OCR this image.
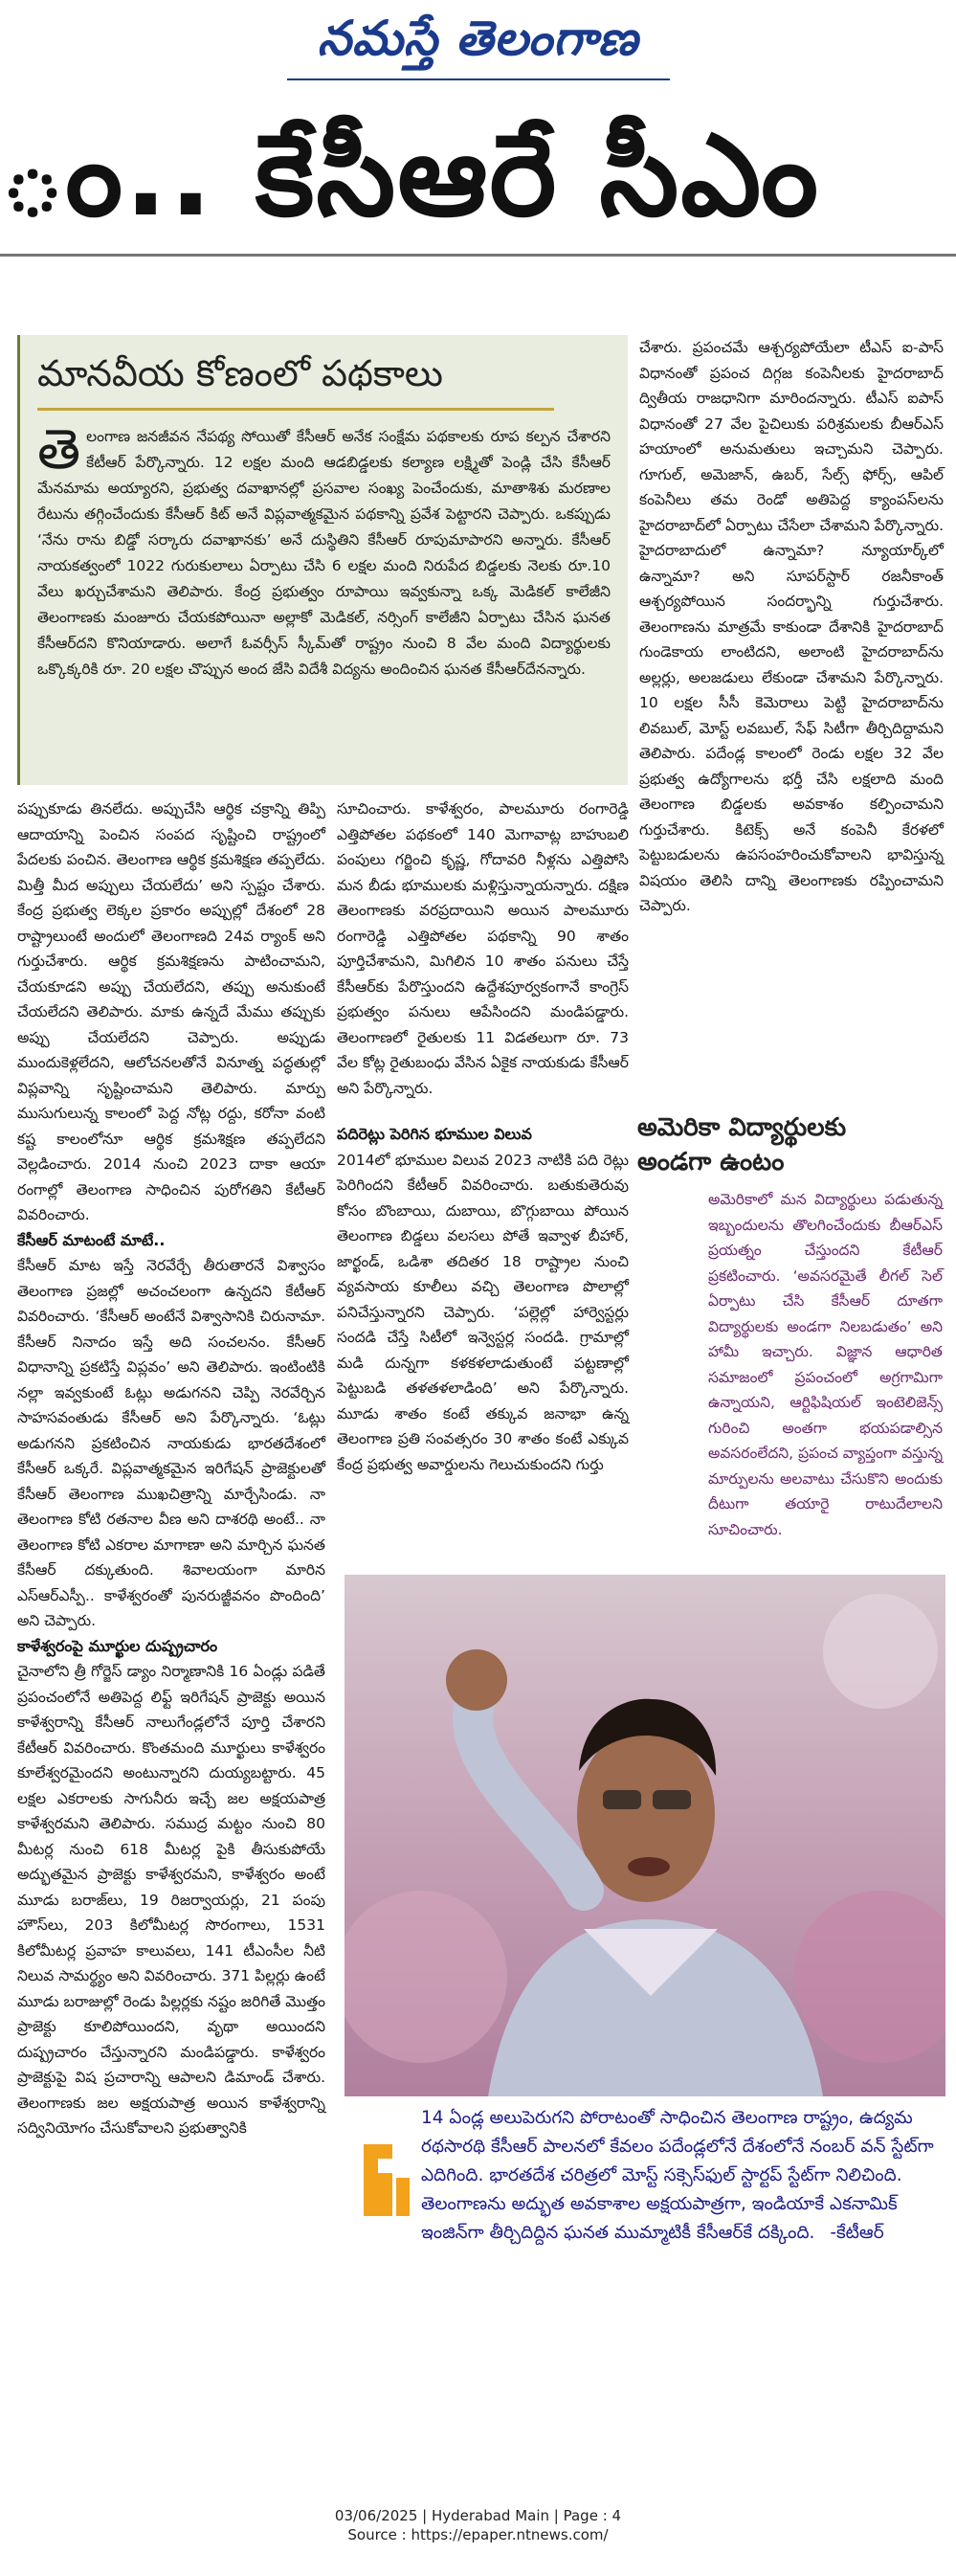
నమస్తే తెలంగాణ
ం.. కేసీఆరే సీఎం
మానవీయ కోణంలో పథకాలు
తెలంగాణ జనజీవన నేపథ్య సోయితో కేసీఆర్ అనేక సంక్షేమ పథకాలకు రూప కల్పన చేశారని కేటీఆర్ పేర్కొన్నారు. 12 లక్షల మంది ఆడబిడ్డలకు కల్యాణ లక్ష్మితో పెండ్లి చేసి కేసీఆర్ మేనమామ అయ్యారని, ప్రభుత్వ దవాఖానల్లో ప్రసవాల సంఖ్య పెంచేందుకు, మాతాశిశు మరణాల రేటును తగ్గించేందుకు కేసీఆర్ కిట్ అనే విప్లవాత్మకమైన పథకాన్ని ప్రవేశ పెట్టారని చెప్పారు. ఒకప్పుడు ‘నేను రాను బిడ్డో సర్కారు దవాఖానకు’ అనే దుస్థితిని కేసీఆర్ రూపుమాపారని అన్నారు. కేసీఆర్ నాయకత్వంలో 1022 గురుకులాలు ఏర్పాటు చేసి 6 లక్షల మంది నిరుపేద బిడ్డలకు నెలకు రూ.10 వేలు ఖర్చుచేశామని తెలిపారు. కేంద్ర ప్రభుత్వం రూపాయి ఇవ్వకున్నా ఒక్క మెడికల్ కాలేజీని తెలంగాణకు మంజూరు చేయకపోయినా అల్లాకో మెడికల్, నర్సింగ్ కాలేజీని ఏర్పాటు చేసిన ఘనత కేసీఆర్‌దని కొనియాడారు. అలాగే ఓవర్సీస్ స్కీమ్‌తో రాష్ట్రం నుంచి 8 వేల మంది విద్యార్థులకు ఒక్కొక్కరికి రూ. 20 లక్షల చొప్పున అంద జేసి విదేశీ విద్యను అందించిన ఘనత కేసీఆర్‌దేనన్నారు.

చేశారు. ప్రపంచమే ఆశ్చర్యపోయేలా టీఎస్ ఐ-పాస్ విధానంతో ప్రపంచ దిగ్గజ కంపెనీలకు హైదరాబాద్ ద్వితీయ రాజధానిగా మారిందన్నారు. టీఎస్ ఐపాస్ విధానంతో 27 వేల పైచిలుకు పరిశ్రమలకు బీఆర్ఎస్ హయాంలో అనుమతులు ఇచ్చామని చెప్పారు. గూగుల్, అమెజాన్, ఉబర్, సేల్స్ ఫోర్స్, ఆపిల్ కంపెనీలు తమ రెండో అతిపెద్ద క్యాంపస్‌లను హైదరాబాద్‌లో ఏర్పాటు చేసేలా చేశామని పేర్కొన్నారు. హైదరాబాదులో ఉన్నామా? న్యూయార్క్‌లో ఉన్నామా? అని సూపర్‌స్టార్ రజనీకాంత్ ఆశ్చర్యపోయిన సందర్భాన్ని గుర్తుచేశారు. తెలంగాణను మాత్రమే కాకుండా దేశానికి హైదరాబాద్ గుండెకాయ లాంటిదని, అలాంటి హైదరాబాద్‌ను అల్లర్లు, అలజడులు లేకుండా చేశామని పేర్కొన్నారు. 10 లక్షల సీసీ కెమెరాలు పెట్టి హైదరాబాద్‌ను లివబుల్, మోస్ట్ లవబుల్, సేఫ్ సిటీగా తీర్చిదిద్దామని తెలిపారు. పదేండ్ల కాలంలో రెండు లక్షల 32 వేల ప్రభుత్వ ఉద్యోగాలను భర్తీ చేసి లక్షలాది మంది తెలంగాణ బిడ్డలకు అవకాశం కల్పించామని గుర్తుచేశారు. కిటెక్స్ అనే కంపెనీ కేరళలో పెట్టుబడులను ఉపసంహరించుకోవాలని భావిస్తున్న విషయం తెలిసి దాన్ని తెలంగాణకు రప్పించామని చెప్పారు.

పప్పుకూడు తినలేదు. అప్పుచేసి ఆర్థిక చక్రాన్ని తిప్పి ఆదాయాన్ని పెంచిన సంపద సృష్టించి రాష్ట్రంలో పేదలకు పంచిన. తెలంగాణ ఆర్థిక క్రమశిక్షణ తప్పలేదు. మిత్తీ మీద అప్పులు చేయలేదు’ అని స్పష్టం చేశారు. కేంద్ర ప్రభుత్వ లెక్కల ప్రకారం అప్పుల్లో దేశంలో 28 రాష్ట్రాలుంటే అందులో తెలంగాణది 24వ ర్యాంక్ అని గుర్తుచేశారు. ఆర్థిక క్రమశిక్షణను పాటించామని, చేయకూడని అప్పు చేయలేదని, తప్పు అనుకుంటే చేయలేదని తెలిపారు. మాకు ఉన్నదే మేము తప్పుకు అప్పు చేయలేదని చెప్పారు. అప్పుడు ముందుకెళ్లలేదని, ఆలోచనలతోనే వినూత్న పద్ధతుల్లో విప్లవాన్ని సృష్టించామని తెలిపారు. మార్పు ముసుగులున్న కాలంలో పెద్ద నోట్ల రద్దు, కరోనా వంటి కష్ట కాలంలోనూ ఆర్థిక క్రమశిక్షణ తప్పలేదని వెల్లడించారు. 2014 నుంచి 2023 దాకా ఆయా రంగాల్లో తెలంగాణ సాధించిన పురోగతిని కేటీఆర్ వివరించారు.

కేసీఆర్ మాటంటే మాటే..

కేసీఆర్ మాట ఇస్తే నెరవేర్చే తీరుతారనే విశ్వాసం తెలంగాణ ప్రజల్లో అచంచలంగా ఉన్నదని కేటీఆర్ వివరించారు. ‘కేసీఆర్ అంటేనే విశ్వాసానికి చిరునామా. కేసీఆర్ నినాదం ఇస్తే అది సంచలనం. కేసీఆర్ విధానాన్ని ప్రకటిస్తే విప్లవం’ అని తెలిపారు. ఇంటింటికి నల్లా ఇవ్వకుంటే ఓట్లు అడుగనని చెప్పి నెరవేర్చిన సాహసవంతుడు కేసీఆర్ అని పేర్కొన్నారు. ‘ఓట్లు అడుగనని ప్రకటించిన నాయకుడు భారతదేశంలో కేసీఆర్ ఒక్కరే. విప్లవాత్మకమైన ఇరిగేషన్ ప్రాజెక్టులతో కేసీఆర్ తెలంగాణ ముఖచిత్రాన్ని మార్చేసిండు. నా తెలంగాణ కోటి రతనాల వీణ అని దాశరథి అంటే.. నా తెలంగాణ కోటి ఎకరాల మాగాణా అని మార్చిన ఘనత కేసీఆర్ దక్కుతుంది. శివాలయంగా మారిన ఎస్ఆర్ఎస్పీ.. కాళేశ్వరంతో పునరుజ్జీవనం పొందింది’ అని చెప్పారు.

కాళేశ్వరంపై మూర్ఖుల దుష్ప్రచారం

చైనాలోని త్రీ గోర్జెస్ డ్యాం నిర్మాణానికి 16 ఏండ్లు పడితే ప్రపంచంలోనే అతిపెద్ద లిఫ్ట్ ఇరిగేషన్ ప్రాజెక్టు అయిన కాళేశ్వరాన్ని కేసీఆర్ నాలుగేండ్లలోనే పూర్తి చేశారని కేటీఆర్ వివరించారు. కొంతమంది మూర్ఖులు కాళేశ్వరం కూలేశ్వరమైందని అంటున్నారని దుయ్యబట్టారు. 45 లక్షల ఎకరాలకు సాగునీరు ఇచ్చే జల అక్షయపాత్ర కాళేశ్వరమని తెలిపారు. సముద్ర మట్టం నుంచి 80 మీటర్ల నుంచి 618 మీటర్ల పైకి తీసుకుపోయే అద్భుతమైన ప్రాజెక్టు కాళేశ్వరమని, కాళేశ్వరం అంటే మూడు బరాజ్‌లు, 19 రిజర్వాయర్లు, 21 పంపు హౌస్‌లు, 203 కిలోమీటర్ల సొరంగాలు, 1531 కిలోమీటర్ల ప్రవాహ కాలువలు, 141 టీఎంసీల నీటి నిలువ సామర్థ్యం అని వివరించారు. 371 పిల్లర్లు ఉంటే మూడు బరాజుల్లో రెండు పిల్లర్లకు నష్టం జరిగితే మొత్తం ప్రాజెక్టు కూలిపోయిందని, వృథా అయిందని దుష్ప్రచారం చేస్తున్నారని మండిపడ్డారు. కాళేశ్వరం ప్రాజెక్టుపై విష ప్రచారాన్ని ఆపాలని డిమాండ్ చేశారు. తెలంగాణకు జల అక్షయపాత్ర అయిన కాళేశ్వరాన్ని సద్వినియోగం చేసుకోవాలని ప్రభుత్వానికి

సూచించారు. కాళేశ్వరం, పాలమూరు రంగారెడ్డి ఎత్తిపోతల పథకంలో 140 మెగావాట్ల బాహుబలి పంపులు గర్జించి కృష్ణ, గోదావరి నీళ్లను ఎత్తిపోసి మన బీడు భూములకు మళ్లిస్తున్నాయన్నారు. దక్షిణ తెలంగాణకు వరప్రదాయిని అయిన పాలమూరు రంగారెడ్డి ఎత్తిపోతల పథకాన్ని 90 శాతం పూర్తిచేశామని, మిగిలిన 10 శాతం పనులు చేస్తే కేసీఆర్‌కు పేరొస్తుందని ఉద్దేశపూర్వకంగానే కాంగ్రెస్ ప్రభుత్వం పనులు ఆపేసిందని మండిపడ్డారు. తెలంగాణలో రైతులకు 11 విడతలుగా రూ. 73 వేల కోట్ల రైతుబంధు వేసిన ఏకైక నాయకుడు కేసీఆర్ అని పేర్కొన్నారు.

పదిరెట్లు పెరిగిన భూముల విలువ

2014లో భూముల విలువ 2023 నాటికి పది రెట్లు పెరిగిందని కేటీఆర్ వివరించారు. బతుకుతెరువు కోసం బొంబాయి, దుబాయి, బొగ్గుబాయి పోయిన తెలంగాణ బిడ్డలు వలసలు పోతే ఇవ్వాళ బీహార్, జార్ఖండ్, ఒడిశా తదితర 18 రాష్ట్రాల నుంచి వ్యవసాయ కూలీలు వచ్చి తెలంగాణ పొలాల్లో పనిచేస్తున్నారని చెప్పారు. ‘పల్లెల్లో హార్వెస్టర్లు సందడి చేస్తే సిటీలో ఇన్వెస్టర్ల సందడి. గ్రామాల్లో మడి దున్నగా కళకళలాడుతుంటే పట్టణాల్లో పెట్టుబడి తళతళలాడింది’ అని పేర్కొన్నారు. మూడు శాతం కంటే తక్కువ జనాభా ఉన్న తెలంగాణ ప్రతి సంవత్సరం 30 శాతం కంటే ఎక్కువ కేంద్ర ప్రభుత్వ అవార్డులను గెలుచుకుందని గుర్తు

అమెరికా విద్యార్థులకు అండగా ఉంటం
అమెరికాలో మన విద్యార్థులు పడుతున్న ఇబ్బందులను తొలగించేందుకు బీఆర్ఎస్ ప్రయత్నం చేస్తుందని కేటీఆర్ ప్రకటించారు. ‘అవసరమైతే లీగల్ సెల్ ఏర్పాటు చేసి కేసీఆర్ దూతగా విద్యార్థులకు అండగా నిలబడుతం’ అని హామీ ఇచ్చారు. విజ్ఞాన ఆధారిత సమాజంలో ప్రపంచంలో అగ్రగామిగా ఉన్నాయని, ఆర్టిఫిషియల్ ఇంటెలిజెన్స్ గురించి అంతగా భయపడాల్సిన అవసరంలేదని, ప్రపంచ వ్యాప్తంగా వస్తున్న మార్పులను అలవాటు చేసుకొని అందుకు దీటుగా తయారై రాటుదేలాలని సూచించారు.
14 ఏండ్ల అలుపెరుగని పోరాటంతో సాధించిన తెలంగాణ రాష్ట్రం, ఉద్యమ రథసారథి కేసీఆర్ పాలనలో కేవలం పదేండ్లలోనే దేశంలోనే నంబర్ వన్ స్టేట్‌గా ఎదిగింది. భారతదేశ చరిత్రలో మోస్ట్ సక్సెస్‌ఫుల్ స్టార్టప్ స్టేట్‌గా నిలిచింది. తెలంగాణను అద్భుత అవకాశాల అక్షయపాత్రగా, ఇండియాకే ఎకనామిక్ ఇంజిన్‌గా తీర్చిదిద్దిన ఘనత ముమ్మాటికీ కేసీఆర్‌కే దక్కింది. -కేటీఆర్
03/06/2025 | Hyderabad Main | Page : 4
Source : https://epaper.ntnews.com/
